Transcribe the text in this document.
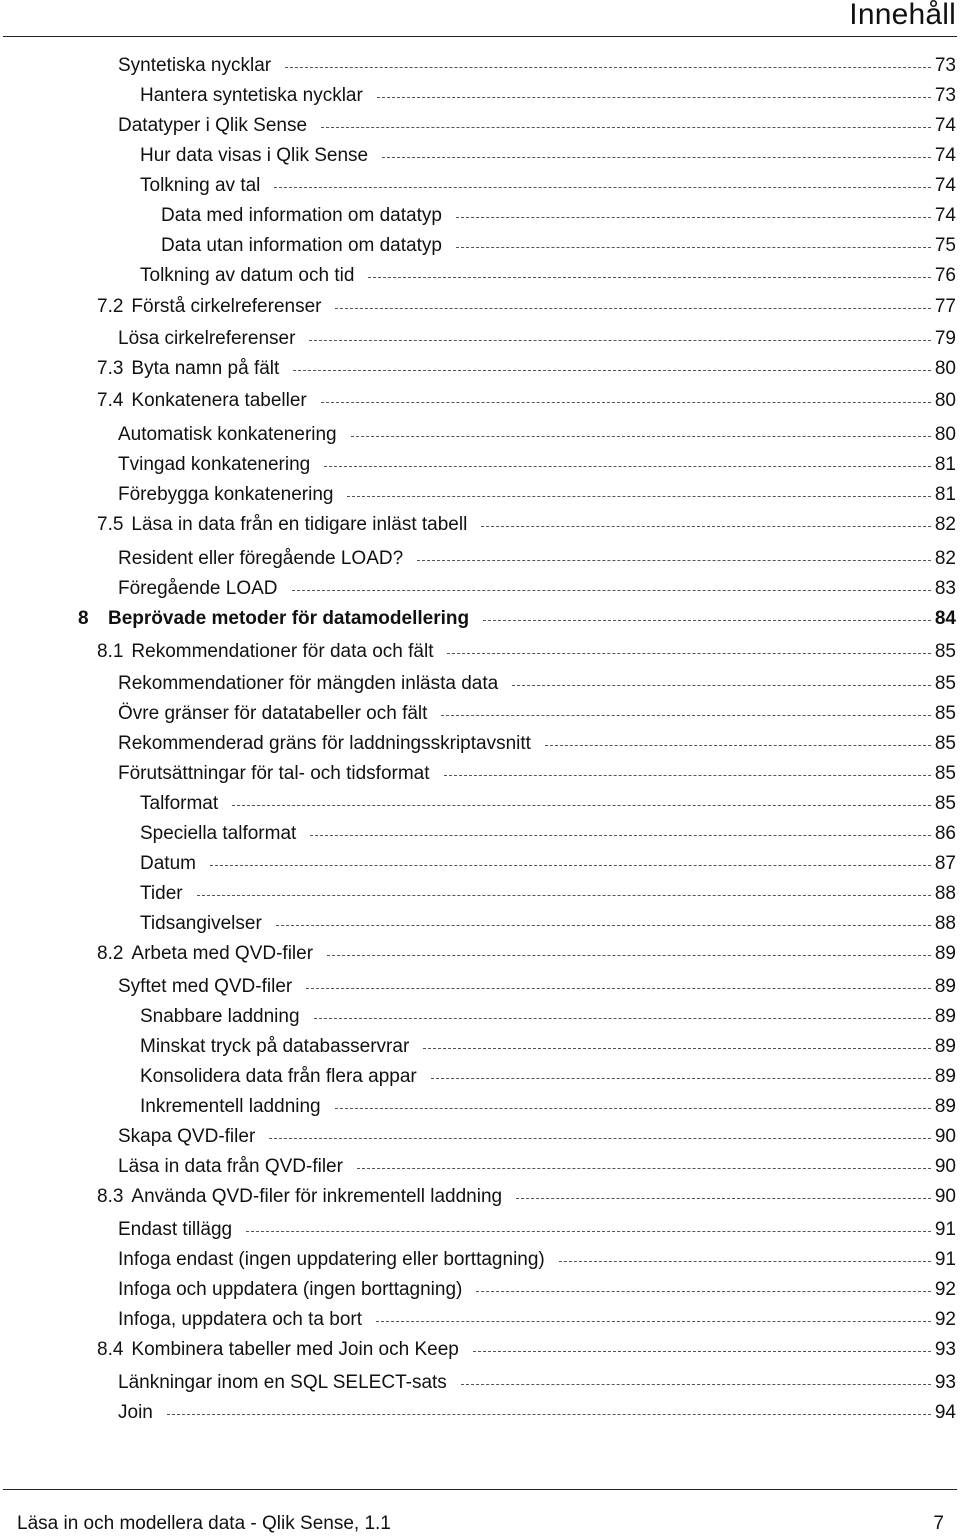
Innehåll
Syntetiska nycklar	73
Hantera syntetiska nycklar	73
Datatyper i Qlik Sense	74
Hur data visas i Qlik Sense	74
Tolkning av tal	74
Data med information om datatyp	74
Data utan information om datatyp	75
Tolkning av datum och tid	76
7.2 Förstå cirkelreferenser	77
Lösa cirkelreferenser	79
7.3 Byta namn på fält	80
7.4 Konkatenera tabeller	80
Automatisk konkatenering	80
Tvingad konkatenering	81
Förebygga konkatenering	81
7.5 Läsa in data från en tidigare inläst tabell	82
Resident eller föregående LOAD?	82
Föregående LOAD	83
8	Beprövade metoder för datamodellering	84
8.1 Rekommendationer för data och fält	85
Rekommendationer för mängden inlästa data	85
Övre gränser för datatabeller och fält	85
Rekommenderad gräns för laddningsskriptavsnitt	85
Förutsättningar för tal- och tidsformat	85
Talformat	85
Speciella talformat	86
Datum	87
Tider	88
Tidsangivelser	88
8.2 Arbeta med QVD-filer	89
Syftet med QVD-filer	89
Snabbare laddning	89
Minskat tryck på databasservrar	89
Konsolidera data från flera appar	89
Inkrementell laddning	89
Skapa QVD-filer	90
Läsa in data från QVD-filer	90
8.3 Använda QVD-filer för inkrementell laddning	90
Endast tillägg	91
Infoga endast (ingen uppdatering eller borttagning)	91
Infoga och uppdatera (ingen borttagning)	92
Infoga, uppdatera och ta bort	92
8.4 Kombinera tabeller med Join och Keep	93
Länkningar inom en SQL SELECT-sats	93
Join	94
Läsa in och modellera data - Qlik Sense, 1.1	7
